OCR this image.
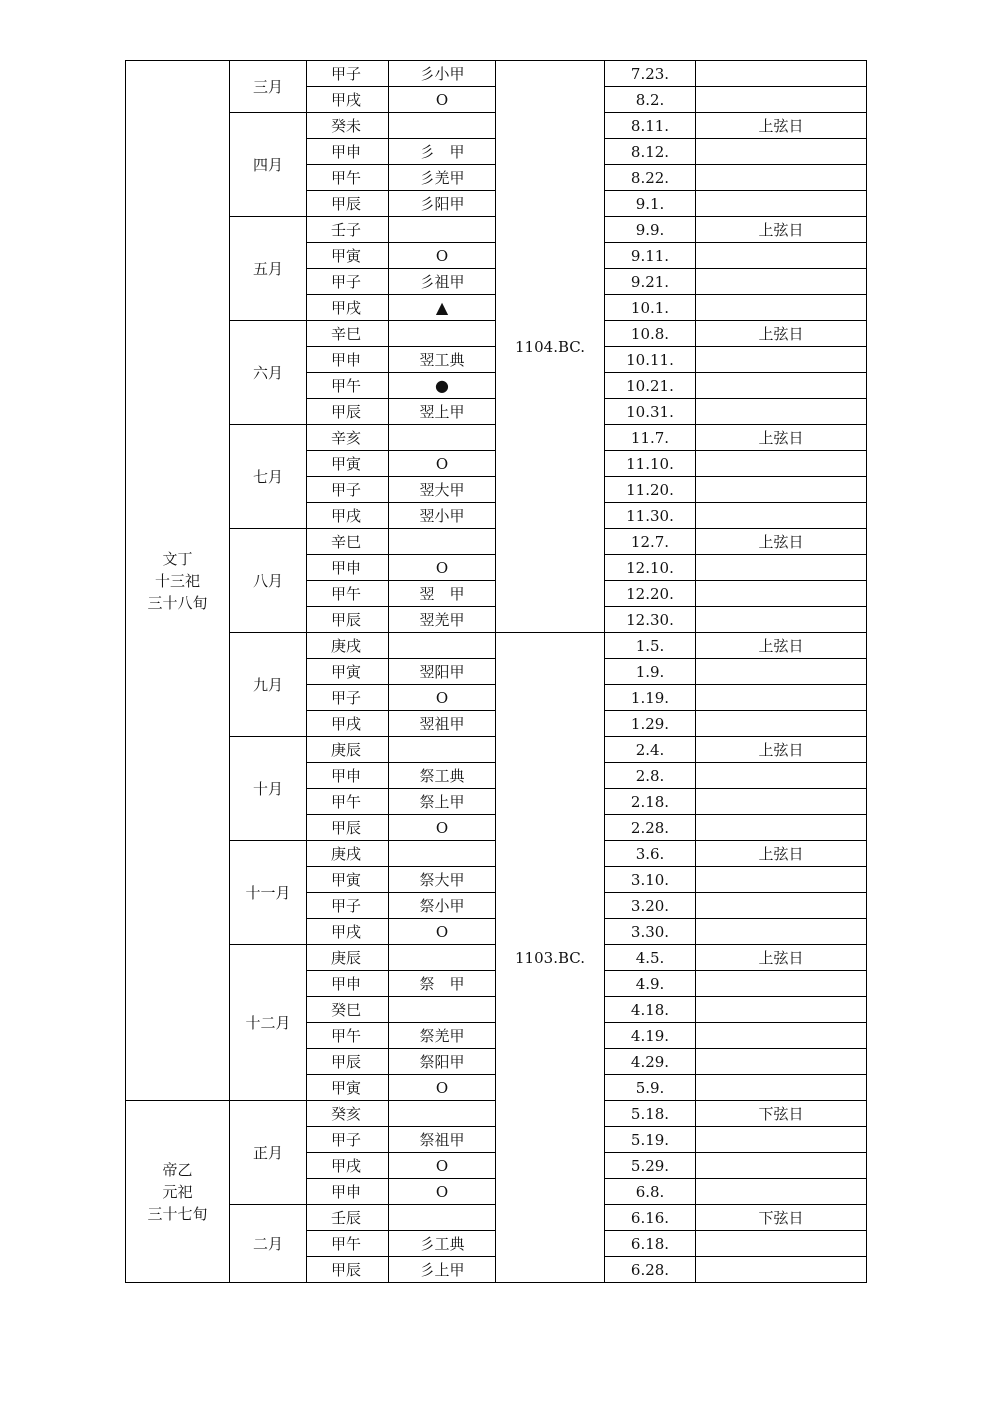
文丁
十三祀
三十八旬	三月	甲子	彡小甲	1104.BC.	7.23.	
		甲戌	O		8.2.	
	四月	癸未			8.11.	上弦日
		甲申	彡　甲		8.12.	
		甲午	彡羌甲		8.22.	
		甲辰	彡阳甲		9.1.	
	五月	壬子			9.9.	上弦日
		甲寅	O		9.11.	
		甲子	彡祖甲		9.21.	
		甲戌	▲		10.1.	
	六月	辛巳			10.8.	上弦日
		甲申	翌工典		10.11.	
		甲午	●		10.21.	
		甲辰	翌上甲		10.31.	
	七月	辛亥			11.7.	上弦日
		甲寅	O		11.10.	
		甲子	翌大甲		11.20.	
		甲戌	翌小甲		11.30.	
	八月	辛巳			12.7.	上弦日
		甲申	O		12.10.	
		甲午	翌　甲		12.20.	
		甲辰	翌羌甲		12.30.	
	九月	庚戌		1103.BC.	1.5.	上弦日
		甲寅	翌阳甲		1.9.	
		甲子	O		1.19.	
		甲戌	翌祖甲		1.29.	
	十月	庚辰			2.4.	上弦日
		甲申	祭工典		2.8.	
		甲午	祭上甲		2.18.	
		甲辰	O		2.28.	
	十一月	庚戌			3.6.	上弦日
		甲寅	祭大甲		3.10.	
		甲子	祭小甲		3.20.	
		甲戌	O		3.30.	
	十二月	庚辰			4.5.	上弦日
		甲申	祭　甲		4.9.	
		癸巳			4.18.	
		甲午	祭羌甲		4.19.	
		甲辰	祭阳甲		4.29.	
		甲寅	O		5.9.	
帝乙
元祀
三十七旬	正月	癸亥			5.18.	下弦日
		甲子	祭祖甲		5.19.	
		甲戌	O		5.29.	
		甲申	O		6.8.	
	二月	壬辰			6.16.	下弦日
		甲午	彡工典		6.18.	
		甲辰	彡上甲		6.28.	
